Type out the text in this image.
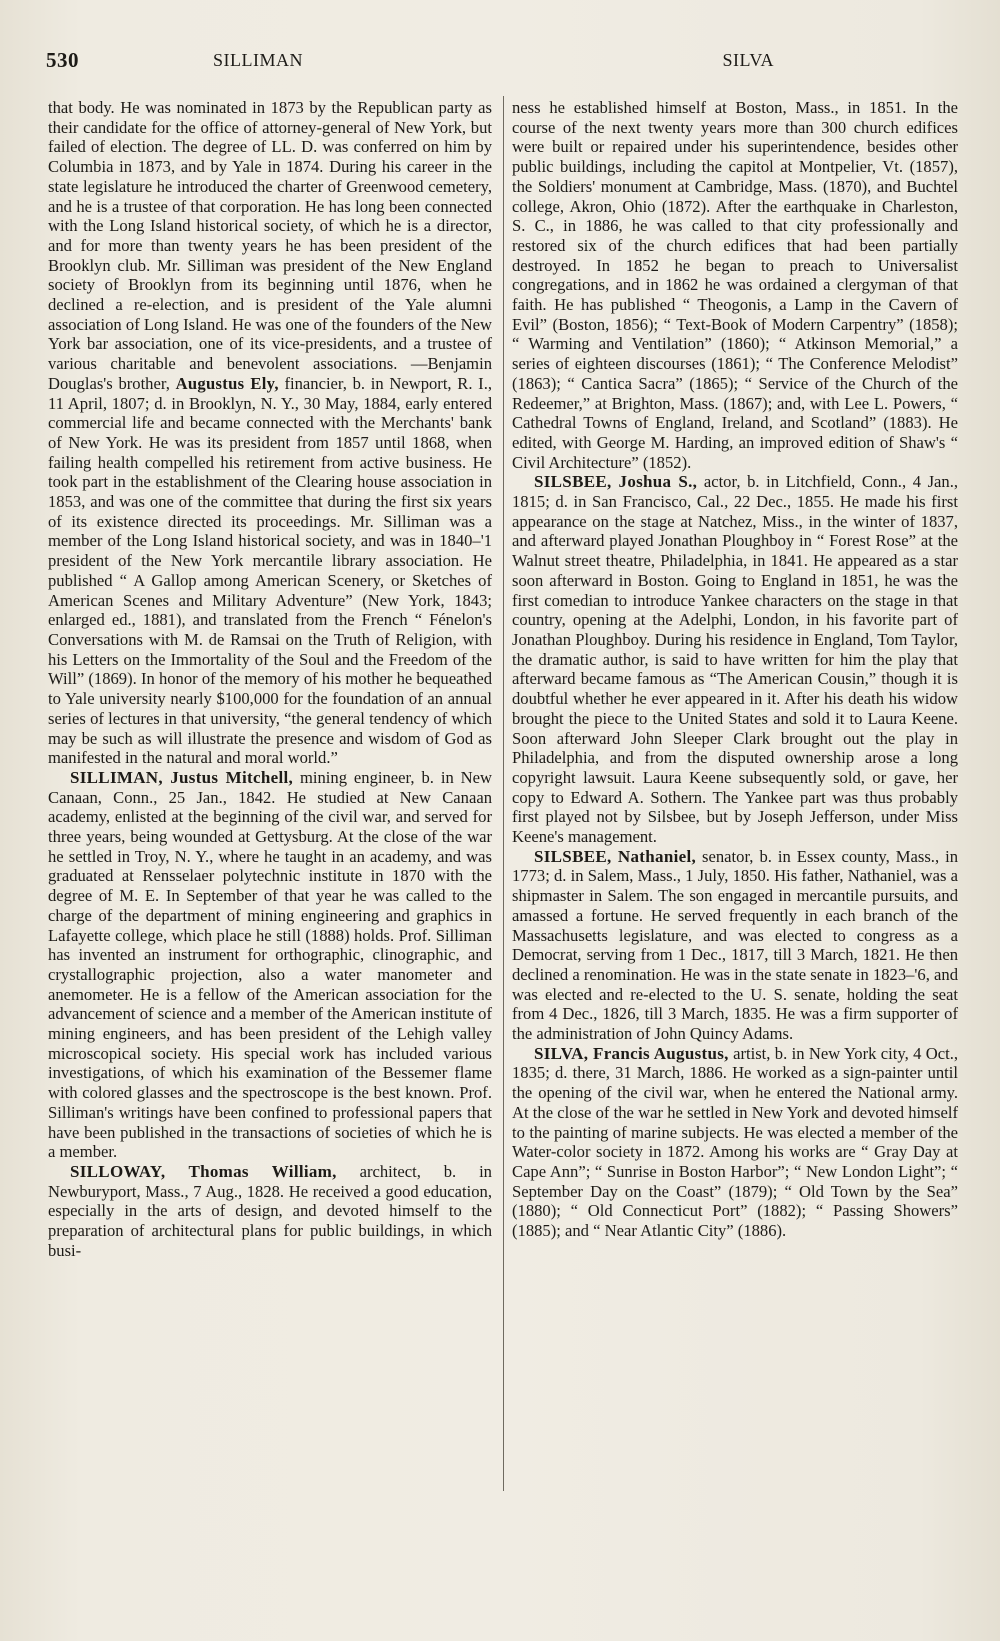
530	SILLIMAN	SILVA

that body. He was nominated in 1873 by the Republican party as their candidate for the office of attorney-general of New York, but failed of election. The degree of LL. D. was conferred on him by Columbia in 1873, and by Yale in 1874. During his career in the state legislature he introduced the charter of Greenwood cemetery, and he is a trustee of that corporation. He has long been connected with the Long Island historical society, of which he is a director, and for more than twenty years he has been president of the Brooklyn club. Mr. Silliman was president of the New England society of Brooklyn from its beginning until 1876, when he declined a re-election, and is president of the Yale alumni association of Long Island. He was one of the founders of the New York bar association, one of its vice-presidents, and a trustee of various charitable and benevolent associations. —Benjamin Douglas's brother, Augustus Ely, financier, b. in Newport, R. I., 11 April, 1807; d. in Brooklyn, N. Y., 30 May, 1884, early entered commercial life and became connected with the Merchants' bank of New York. He was its president from 1857 until 1868, when failing health compelled his retirement from active business. He took part in the establishment of the Clearing house association in 1853, and was one of the committee that during the first six years of its existence directed its proceedings. Mr. Silliman was a member of the Long Island historical society, and was in 1840–'1 president of the New York mercantile library association. He published “ A Gallop among American Scenery, or Sketches of American Scenes and Military Adventure” (New York, 1843; enlarged ed., 1881), and translated from the French “ Fénelon's Conversations with M. de Ramsai on the Truth of Religion, with his Letters on the Immortality of the Soul and the Freedom of the Will” (1869). In honor of the memory of his mother he bequeathed to Yale university nearly $100,000 for the foundation of an annual series of lectures in that university, “the general tendency of which may be such as will illustrate the presence and wisdom of God as manifested in the natural and moral world.”

SILLIMAN, Justus Mitchell, mining engineer, b. in New Canaan, Conn., 25 Jan., 1842. He studied at New Canaan academy, enlisted at the beginning of the civil war, and served for three years, being wounded at Gettysburg. At the close of the war he settled in Troy, N. Y., where he taught in an academy, and was graduated at Rensselaer polytechnic institute in 1870 with the degree of M. E. In September of that year he was called to the charge of the department of mining engineering and graphics in Lafayette college, which place he still (1888) holds. Prof. Silliman has invented an instrument for orthographic, clinographic, and crystallographic projection, also a water manometer and anemometer. He is a fellow of the American association for the advancement of science and a member of the American institute of mining engineers, and has been president of the Lehigh valley microscopical society. His special work has included various investigations, of which his examination of the Bessemer flame with colored glasses and the spectroscope is the best known. Prof. Silliman's writings have been confined to professional papers that have been published in the transactions of societies of which he is a member.

SILLOWAY, Thomas William, architect, b. in Newburyport, Mass., 7 Aug., 1828. He received a good education, especially in the arts of design, and devoted himself to the preparation of architectural plans for public buildings, in which busi-

ness he established himself at Boston, Mass., in 1851. In the course of the next twenty years more than 300 church edifices were built or repaired under his superintendence, besides other public buildings, including the capitol at Montpelier, Vt. (1857), the Soldiers' monument at Cambridge, Mass. (1870), and Buchtel college, Akron, Ohio (1872). After the earthquake in Charleston, S. C., in 1886, he was called to that city professionally and restored six of the church edifices that had been partially destroyed. In 1852 he began to preach to Universalist congregations, and in 1862 he was ordained a clergyman of that faith. He has published “ Theogonis, a Lamp in the Cavern of Evil” (Boston, 1856); “ Text-Book of Modern Carpentry” (1858); “ Warming and Ventilation” (1860); “ Atkinson Memorial,” a series of eighteen discourses (1861); “ The Conference Melodist” (1863); “ Cantica Sacra” (1865); “ Service of the Church of the Redeemer,” at Brighton, Mass. (1867); and, with Lee L. Powers, “ Cathedral Towns of England, Ireland, and Scotland” (1883). He edited, with George M. Harding, an improved edition of Shaw's “ Civil Architecture” (1852).

SILSBEE, Joshua S., actor, b. in Litchfield, Conn., 4 Jan., 1815; d. in San Francisco, Cal., 22 Dec., 1855. He made his first appearance on the stage at Natchez, Miss., in the winter of 1837, and afterward played Jonathan Ploughboy in “ Forest Rose” at the Walnut street theatre, Philadelphia, in 1841. He appeared as a star soon afterward in Boston. Going to England in 1851, he was the first comedian to introduce Yankee characters on the stage in that country, opening at the Adelphi, London, in his favorite part of Jonathan Ploughboy. During his residence in England, Tom Taylor, the dramatic author, is said to have written for him the play that afterward became famous as “The American Cousin,” though it is doubtful whether he ever appeared in it. After his death his widow brought the piece to the United States and sold it to Laura Keene. Soon afterward John Sleeper Clark brought out the play in Philadelphia, and from the disputed ownership arose a long copyright lawsuit. Laura Keene subsequently sold, or gave, her copy to Edward A. Sothern. The Yankee part was thus probably first played not by Silsbee, but by Joseph Jefferson, under Miss Keene's management.

SILSBEE, Nathaniel, senator, b. in Essex county, Mass., in 1773; d. in Salem, Mass., 1 July, 1850. His father, Nathaniel, was a shipmaster in Salem. The son engaged in mercantile pursuits, and amassed a fortune. He served frequently in each branch of the Massachusetts legislature, and was elected to congress as a Democrat, serving from 1 Dec., 1817, till 3 March, 1821. He then declined a renomination. He was in the state senate in 1823–'6, and was elected and re-elected to the U. S. senate, holding the seat from 4 Dec., 1826, till 3 March, 1835. He was a firm supporter of the administration of John Quincy Adams.

SILVA, Francis Augustus, artist, b. in New York city, 4 Oct., 1835; d. there, 31 March, 1886. He worked as a sign-painter until the opening of the civil war, when he entered the National army. At the close of the war he settled in New York and devoted himself to the painting of marine subjects. He was elected a member of the Water-color society in 1872. Among his works are “ Gray Day at Cape Ann”; “ Sunrise in Boston Harbor”; “ New London Light”; “ September Day on the Coast” (1879); “ Old Town by the Sea” (1880); “ Old Connecticut Port” (1882); “ Passing Showers” (1885); and “ Near Atlantic City” (1886).
